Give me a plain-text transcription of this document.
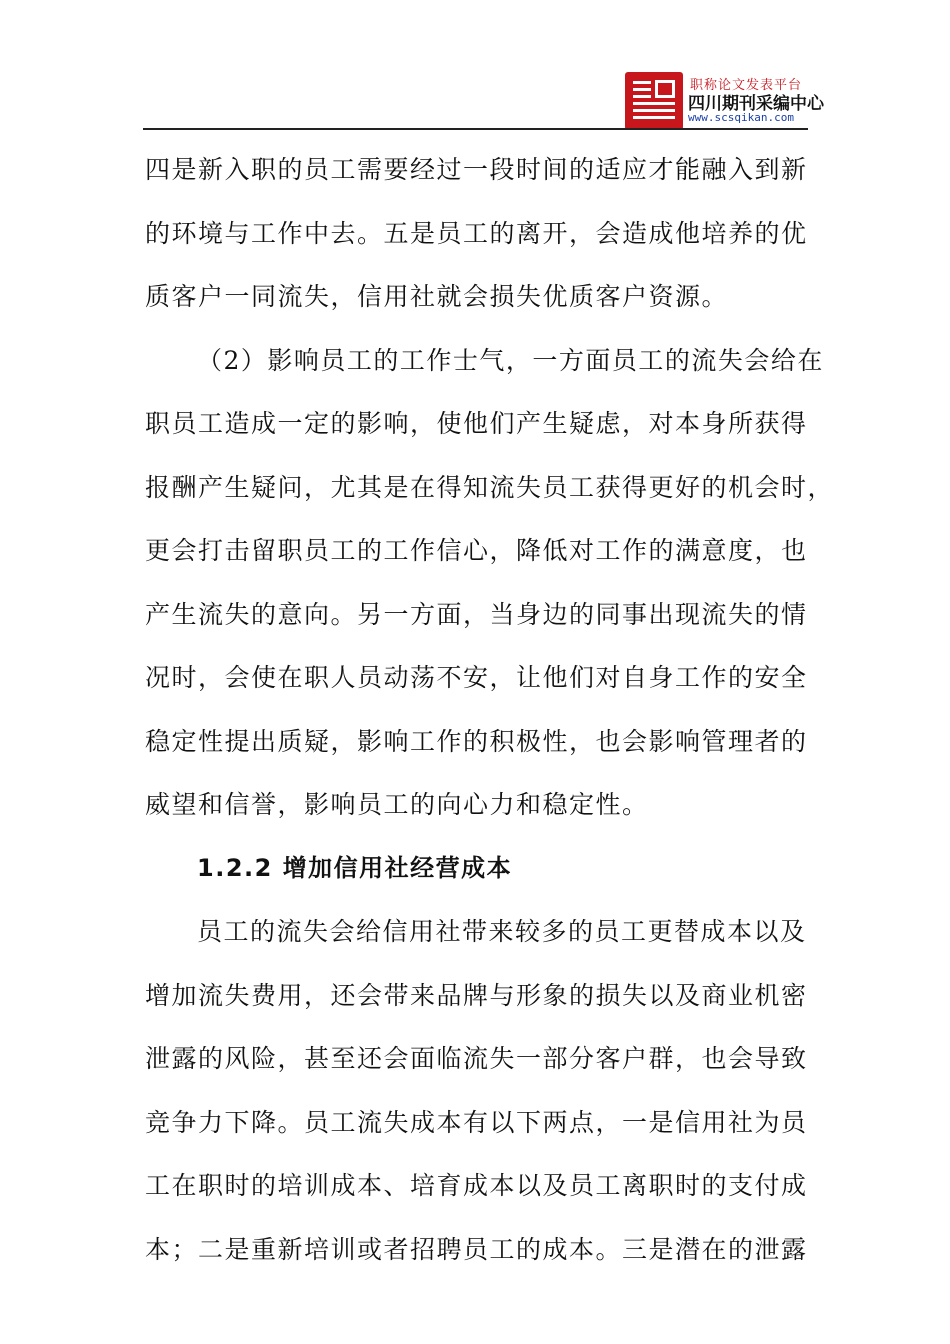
职称论文发表平台
四川期刊采编中心
www.scsqikan.com
四是新入职的员工需要经过一段时间的适应才能融入到新
的环境与工作中去。五是员工的离开，会造成他培养的优
质客户一同流失，信用社就会损失优质客户资源。
（2）影响员工的工作士气，一方面员工的流失会给在
职员工造成一定的影响，使他们产生疑虑，对本身所获得
报酬产生疑问，尤其是在得知流失员工获得更好的机会时，
更会打击留职员工的工作信心，降低对工作的满意度，也
产生流失的意向。另一方面，当身边的同事出现流失的情
况时，会使在职人员动荡不安，让他们对自身工作的安全
稳定性提出质疑，影响工作的积极性，也会影响管理者的
威望和信誉，影响员工的向心力和稳定性。
1.2.2 增加信用社经营成本
员工的流失会给信用社带来较多的员工更替成本以及
增加流失费用，还会带来品牌与形象的损失以及商业机密
泄露的风险，甚至还会面临流失一部分客户群，也会导致
竞争力下降。员工流失成本有以下两点，一是信用社为员
工在职时的培训成本、培育成本以及员工离职时的支付成
本；二是重新培训或者招聘员工的成本。三是潜在的泄露
